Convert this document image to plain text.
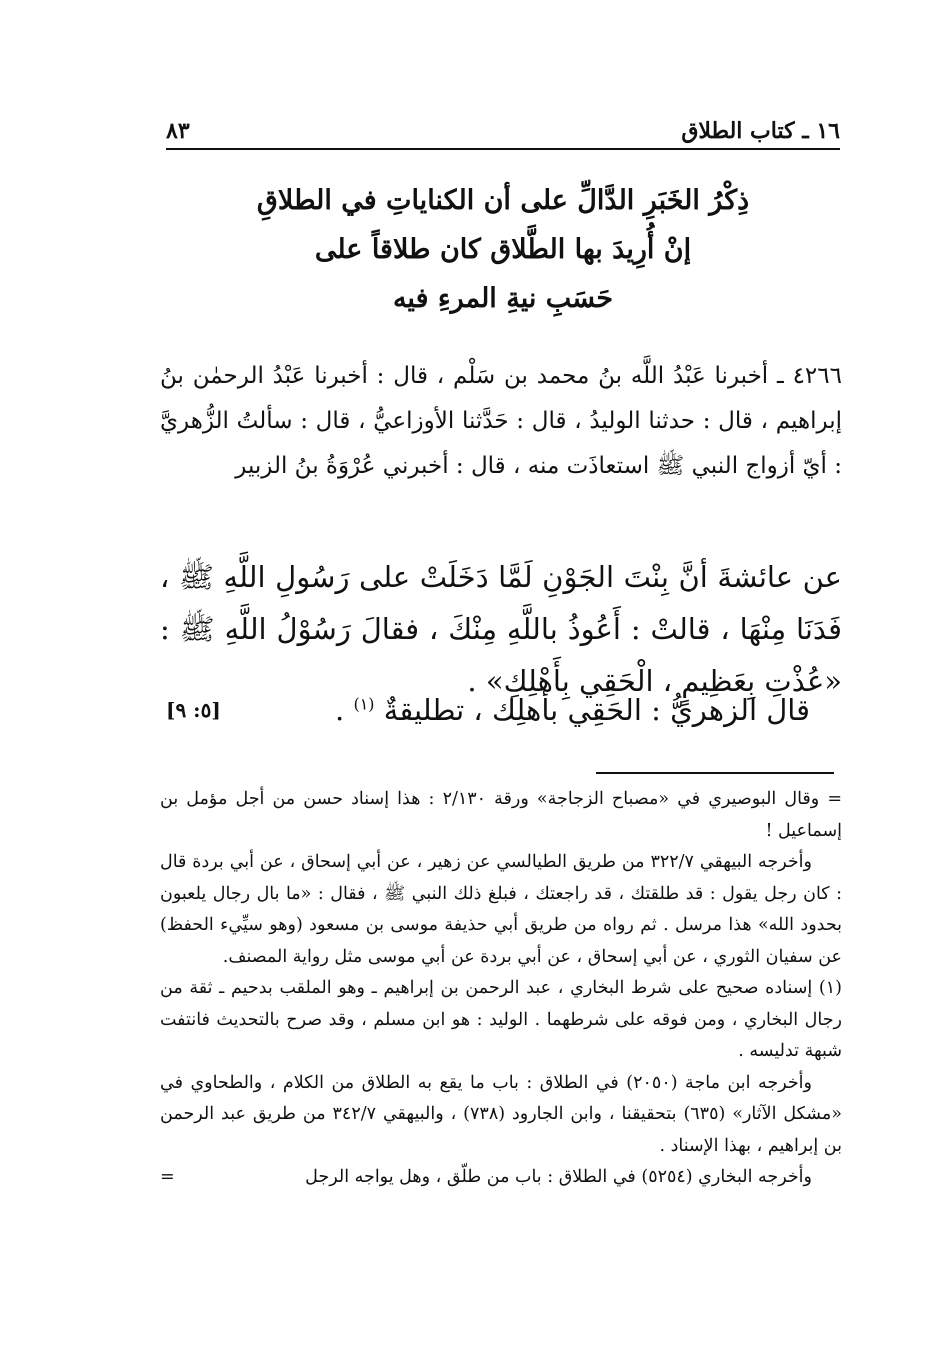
١٦ ـ كتاب الطلاق
٨٣
ذِكْرُ الخَبَرِ الدَّالِّ على أن الكناياتِ في الطلاقِ
إنْ أُرِيدَ بها الطَّلاق كان طلاقاً على
حَسَبِ نيةِ المرءِ فيه

٤٢٦٦ ـ أخبرنا عَبْدُ اللَّه بنُ محمد بن سَلْم ، قال : أخبرنا عَبْدُ الرحمٰن بنُ إبراهيم ، قال : حدثنا الوليدُ ، قال : حَدَّثنا الأوزاعيُّ ، قال : سألتُ الزُّهريَّ : أيّ أزواج النبي ﷺ استعاذَت منه ، قال : أخبرني عُرْوَةُ بنُ الزبير

عن عائشةَ أنَّ بِنْتَ الجَوْنِ لَمَّا دَخَلَتْ على رَسُولِ اللَّهِ ﷺ ، فَدَنَا مِنْهَا ، قالتْ : أَعُوذُ باللَّهِ مِنْكَ ، فقالَ رَسُوْلُ اللَّهِ ﷺ : «عُذْتِ بِعَظِيمٍ ، الْحَقِي بِأَهْلِكِ» .

قال الزهريُّ : الحَقِي بأهلِك ، تطليقةٌ $^{(١)}$ .
[٥: ٩]

= وقال البوصيري في «مصباح الزجاجة» ورقة ٢/١٣٠ : هذا إسناد حسن من أجل مؤمل بن إسماعيل !

وأخرجه البيهقي ٣٢٢/٧ من طريق الطيالسي عن زهير ، عن أبي إسحاق ، عن أبي بردة قال : كان رجل يقول : قد طلقتك ، قد راجعتك ، فبلغ ذلك النبي ﷺ ، فقال : «ما بال رجال يلعبون بحدود الله» هذا مرسل . ثم رواه من طريق أبي حذيفة موسى بن مسعود (وهو سيِّيء الحفظ) عن سفيان الثوري ، عن أبي إسحاق ، عن أبي بردة عن أبي موسى مثل رواية المصنف.

(١) إسناده صحيح على شرط البخاري ، عبد الرحمن بن إبراهيم ـ وهو الملقب بدحيم ـ ثقة من رجال البخاري ، ومن فوقه على شرطهما . الوليد : هو ابن مسلم ، وقد صرح بالتحديث فانتفت شبهة تدليسه .

وأخرجه ابن ماجة (٢٠٥٠) في الطلاق : باب ما يقع به الطلاق من الكلام ، والطحاوي في «مشكل الآثار» (٦٣٥) بتحقيقنا ، وابن الجارود (٧٣٨) ، والبيهقي ٣٤٢/٧ من طريق عبد الرحمن بن إبراهيم ، بهذا الإسناد .

وأخرجه البخاري (٥٢٥٤) في الطلاق : باب من طلّق ، وهل يواجه الرجل
=
